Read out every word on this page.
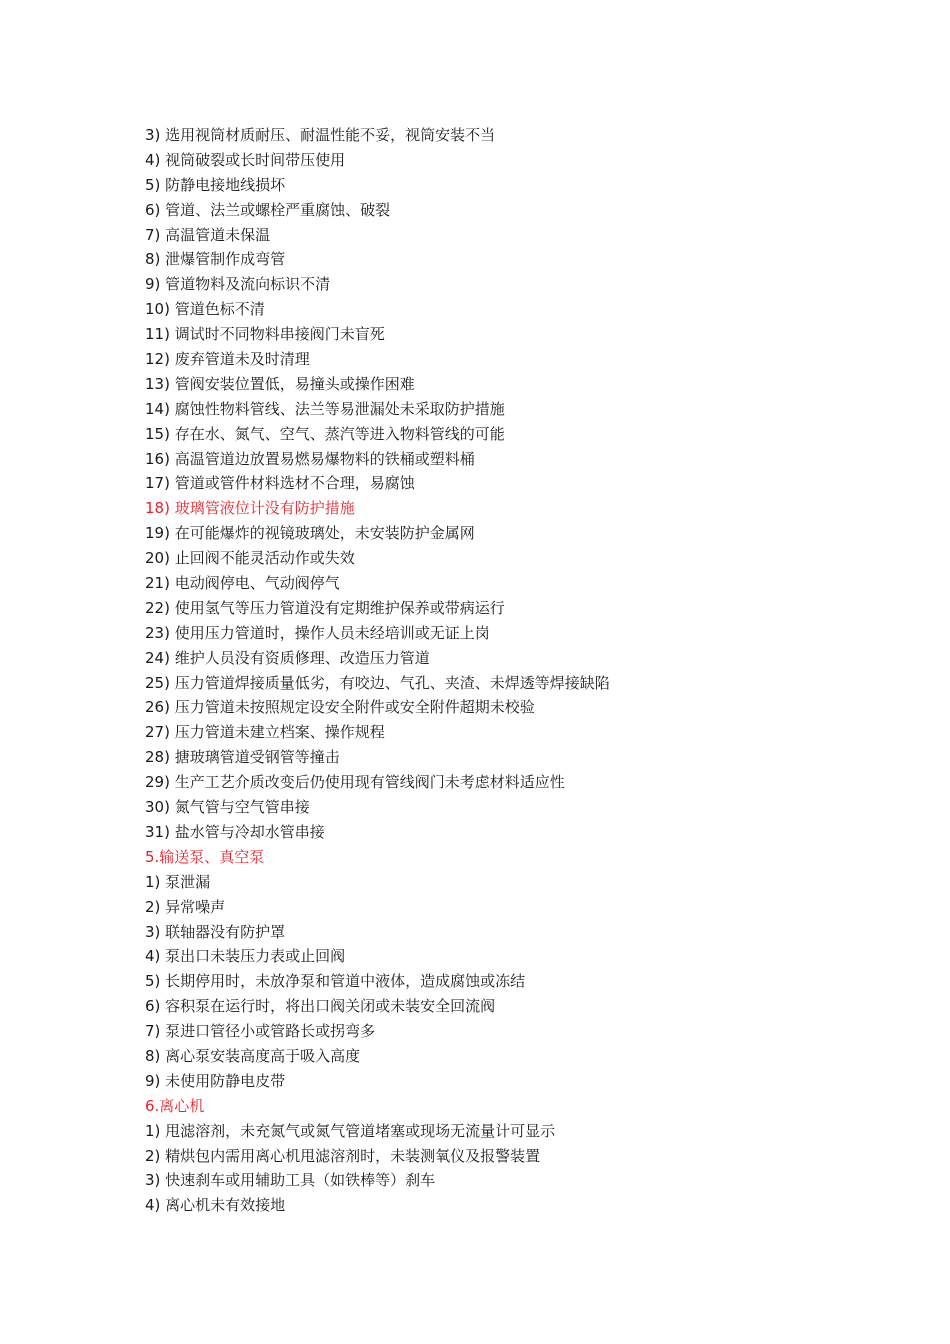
3) 选用视筒材质耐压、耐温性能不妥，视筒安装不当
4) 视筒破裂或长时间带压使用
5) 防静电接地线损坏
6) 管道、法兰或螺栓严重腐蚀、破裂
7) 高温管道未保温
8) 泄爆管制作成弯管
9) 管道物料及流向标识不清
10) 管道色标不清
11) 调试时不同物料串接阀门未盲死
12) 废弃管道未及时清理
13) 管阀安装位置低，易撞头或操作困难
14) 腐蚀性物料管线、法兰等易泄漏处未采取防护措施
15) 存在水、氮气、空气、蒸汽等进入物料管线的可能
16) 高温管道边放置易燃易爆物料的铁桶或塑料桶
17) 管道或管件材料选材不合理，易腐蚀
18) 玻璃管液位计没有防护措施
19) 在可能爆炸的视镜玻璃处，未安装防护金属网
20) 止回阀不能灵活动作或失效
21) 电动阀停电、气动阀停气
22) 使用氢气等压力管道没有定期维护保养或带病运行
23) 使用压力管道时，操作人员未经培训或无证上岗
24) 维护人员没有资质修理、改造压力管道
25) 压力管道焊接质量低劣，有咬边、气孔、夹渣、未焊透等焊接缺陷
26) 压力管道未按照规定设安全附件或安全附件超期未校验
27) 压力管道未建立档案、操作规程
28) 搪玻璃管道受钢管等撞击
29) 生产工艺介质改变后仍使用现有管线阀门未考虑材料适应性
30) 氮气管与空气管串接
31) 盐水管与冷却水管串接
5.输送泵、真空泵
1) 泵泄漏
2) 异常噪声
3) 联轴器没有防护罩
4) 泵出口未装压力表或止回阀
5) 长期停用时，未放净泵和管道中液体，造成腐蚀或冻结
6) 容积泵在运行时，将出口阀关闭或未装安全回流阀
7) 泵进口管径小或管路长或拐弯多
8) 离心泵安装高度高于吸入高度
9) 未使用防静电皮带
6.离心机
1) 甩滤溶剂，未充氮气或氮气管道堵塞或现场无流量计可显示
2) 精烘包内需用离心机甩滤溶剂时，未装测氧仪及报警装置
3) 快速刹车或用辅助工具（如铁棒等）刹车
4) 离心机未有效接地
